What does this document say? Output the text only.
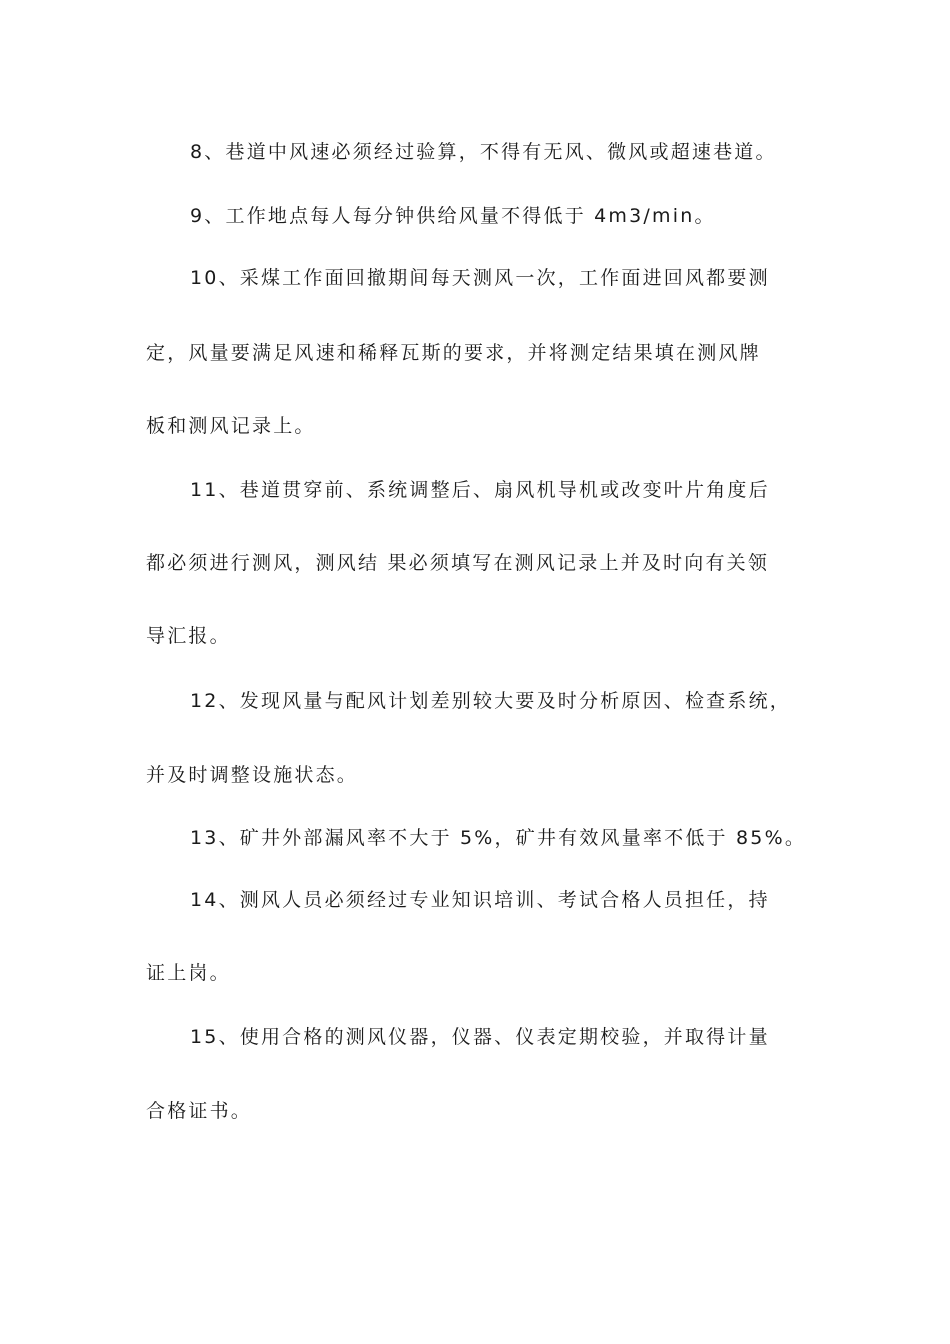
8、巷道中风速必须经过验算，不得有无风、微风或超速巷道。
9、工作地点每人每分钟供给风量不得低于 4m3/min。
10、采煤工作面回撤期间每天测风一次，工作面进回风都要测
定，风量要满足风速和稀释瓦斯的要求，并将测定结果填在测风牌
板和测风记录上。
11、巷道贯穿前、系统调整后、扇风机导机或改变叶片角度后
都必须进行测风，测风结 果必须填写在测风记录上并及时向有关领
导汇报。
12、发现风量与配风计划差别较大要及时分析原因、检查系统，
并及时调整设施状态。
13、矿井外部漏风率不大于 5%，矿井有效风量率不低于 85%。
14、测风人员必须经过专业知识培训、考试合格人员担任，持
证上岗。
15、使用合格的测风仪器，仪器、仪表定期校验，并取得计量
合格证书。
